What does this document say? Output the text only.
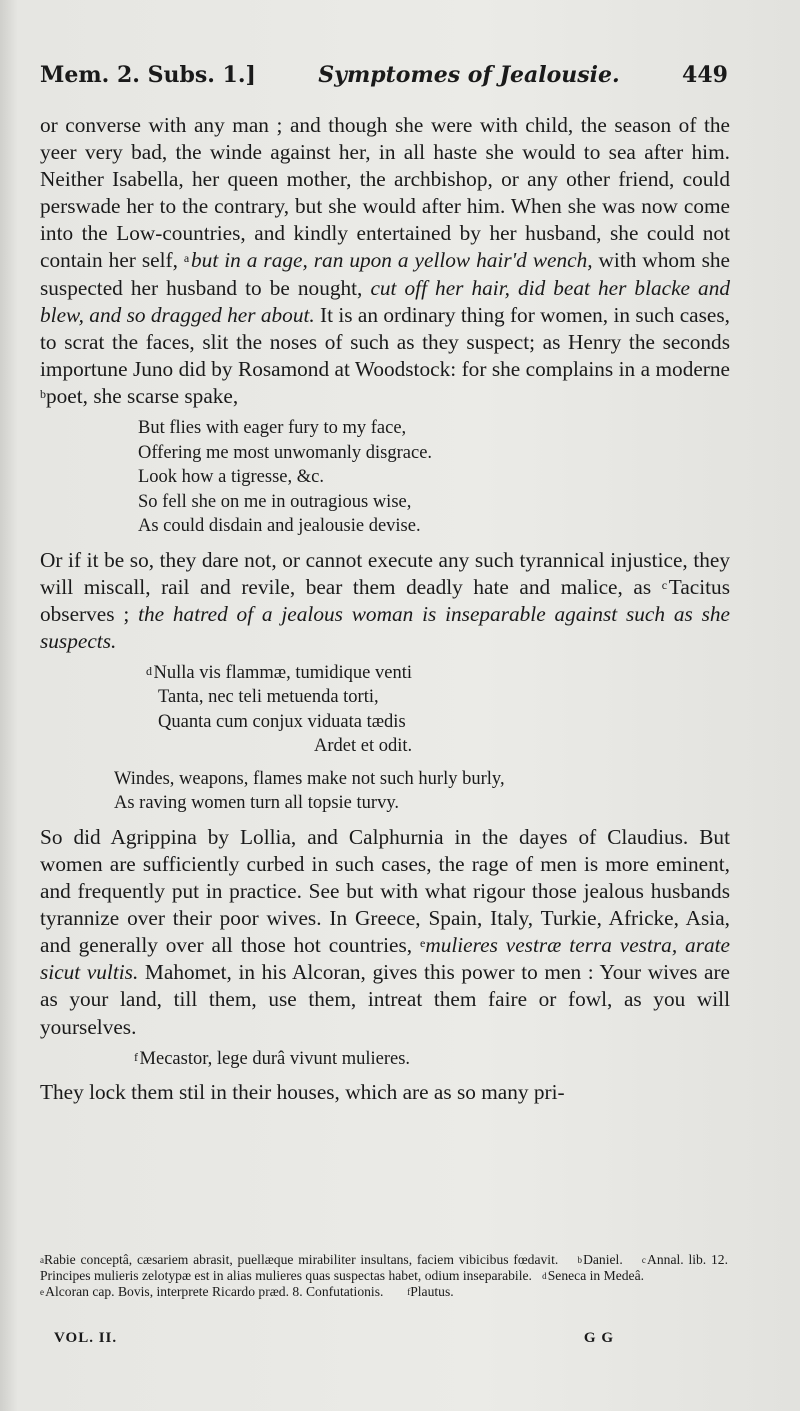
Mem. 2. Subs. 1.]	Symptomes of Jealousie.	449

or converse with any man ; and though she were with child, the season of the yeer very bad, the winde against her, in all haste she would to sea after him. Neither Isabella, her queen mother, the archbishop, or any other friend, could perswade her to the contrary, but she would after him. When she was now come into the Low-countries, and kindly entertained by her husband, she could not contain her self, $^a$ but in a rage, ran upon a yellow hair'd wench, with whom she suspected her husband to be nought, cut off her hair, did beat her blacke and blew, and so dragged her about. It is an ordinary thing for women, in such cases, to scrat the faces, slit the noses of such as they suspect; as Henry the seconds importune Juno did by Rosamond at Woodstock: for she complains in a moderne $^b$poet, she scarse spake,

But flies with eager fury to my face,
Offering me most unwomanly disgrace.
Look how a tigresse, &c.
So fell she on me in outragious wise,
As could disdain and jealousie devise.

Or if it be so, they dare not, or cannot execute any such tyrannical injustice, they will miscall, rail and revile, bear them deadly hate and malice, as $^c$ Tacitus observes ; the hatred of a jealous woman is inseparable against such as she suspects.

$^d$ Nulla vis flammæ, tumidique venti
Tanta, nec teli metuenda torti,
Quanta cum conjux viduata tædis
Ardet et odit.
Windes, weapons, flames make not such hurly burly,
As raving women turn all topsie turvy.

So did Agrippina by Lollia, and Calphurnia in the dayes of Claudius. But women are sufficiently curbed in such cases, the rage of men is more eminent, and frequently put in practice. See but with what rigour those jealous husbands tyrannize over their poor wives. In Greece, Spain, Italy, Turkie, Africke, Asia, and generally over all those hot countries, $^e$mulieres vestræ terra vestra, arate sicut vultis. Mahomet, in his Alcoran, gives this power to men : Your wives are as your land, till them, use them, intreat them faire or fowl, as you will yourselves.

$^f$ Mecastor, lege durâ vivunt mulieres.

They lock them stil in their houses, which are as so many pri-

$^a$Rabie conceptâ, cæsariem abrasit, puellæque mirabiliter insultans, faciem vibicibus fœdavit. $^b$ Daniel. $^c$ Annal. lib. 12. Principes mulieris zelotypæ est in alias mulieres quas suspectas habet, odium inseparabile. $^d$ Seneca in Medeâ.

$^e$ Alcoran cap. Bovis, interprete Ricardo præd. 8. Confutationis.	$^f$Plautus.

VOL. II.	G G
